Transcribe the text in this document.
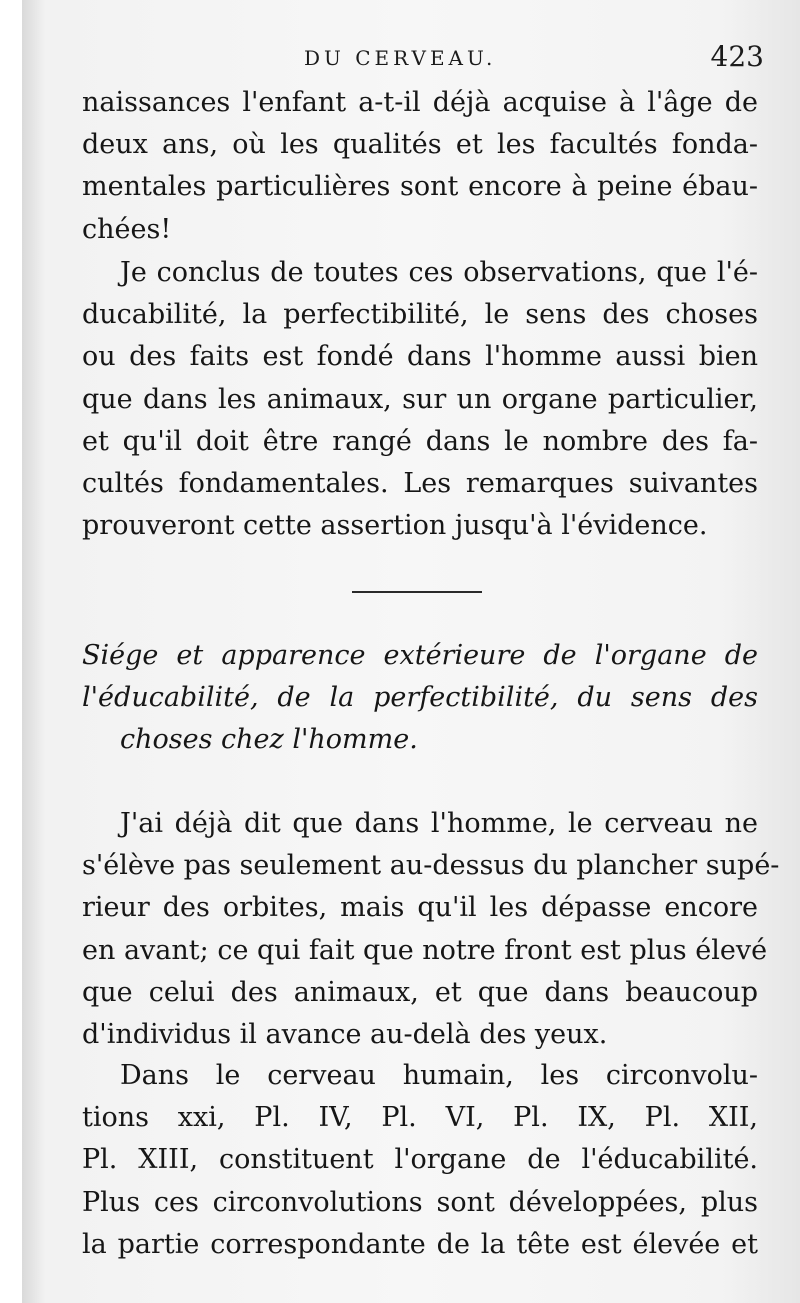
DU CERVEAU.	423
naissances l'enfant a-t-il déjà acquise à l'âge de
deux ans, où les qualités et les facultés fonda-
mentales particulières sont encore à peine ébau-
chées!
Je conclus de toutes ces observations, que l'é-
ducabilité, la perfectibilité, le sens des choses
ou des faits est fondé dans l'homme aussi bien
que dans les animaux, sur un organe particulier,
et qu'il doit être rangé dans le nombre des fa-
cultés fondamentales. Les remarques suivantes
prouveront cette assertion jusqu'à l'évidence.
Siége et apparence extérieure de l'organe de
l'éducabilité, de la perfectibilité, du sens des
choses chez l'homme.
J'ai déjà dit que dans l'homme, le cerveau ne
s'élève pas seulement au-dessus du plancher supé-
rieur des orbites, mais qu'il les dépasse encore
en avant; ce qui fait que notre front est plus élevé
que celui des animaux, et que dans beaucoup
d'individus il avance au-delà des yeux.
Dans le cerveau humain, les circonvolu-
tions xxi, Pl. IV, Pl. VI, Pl. IX, Pl. XII,
Pl. XIII, constituent l'organe de l'éducabilité.
Plus ces circonvolutions sont développées, plus
la partie correspondante de la tête est élevée et
